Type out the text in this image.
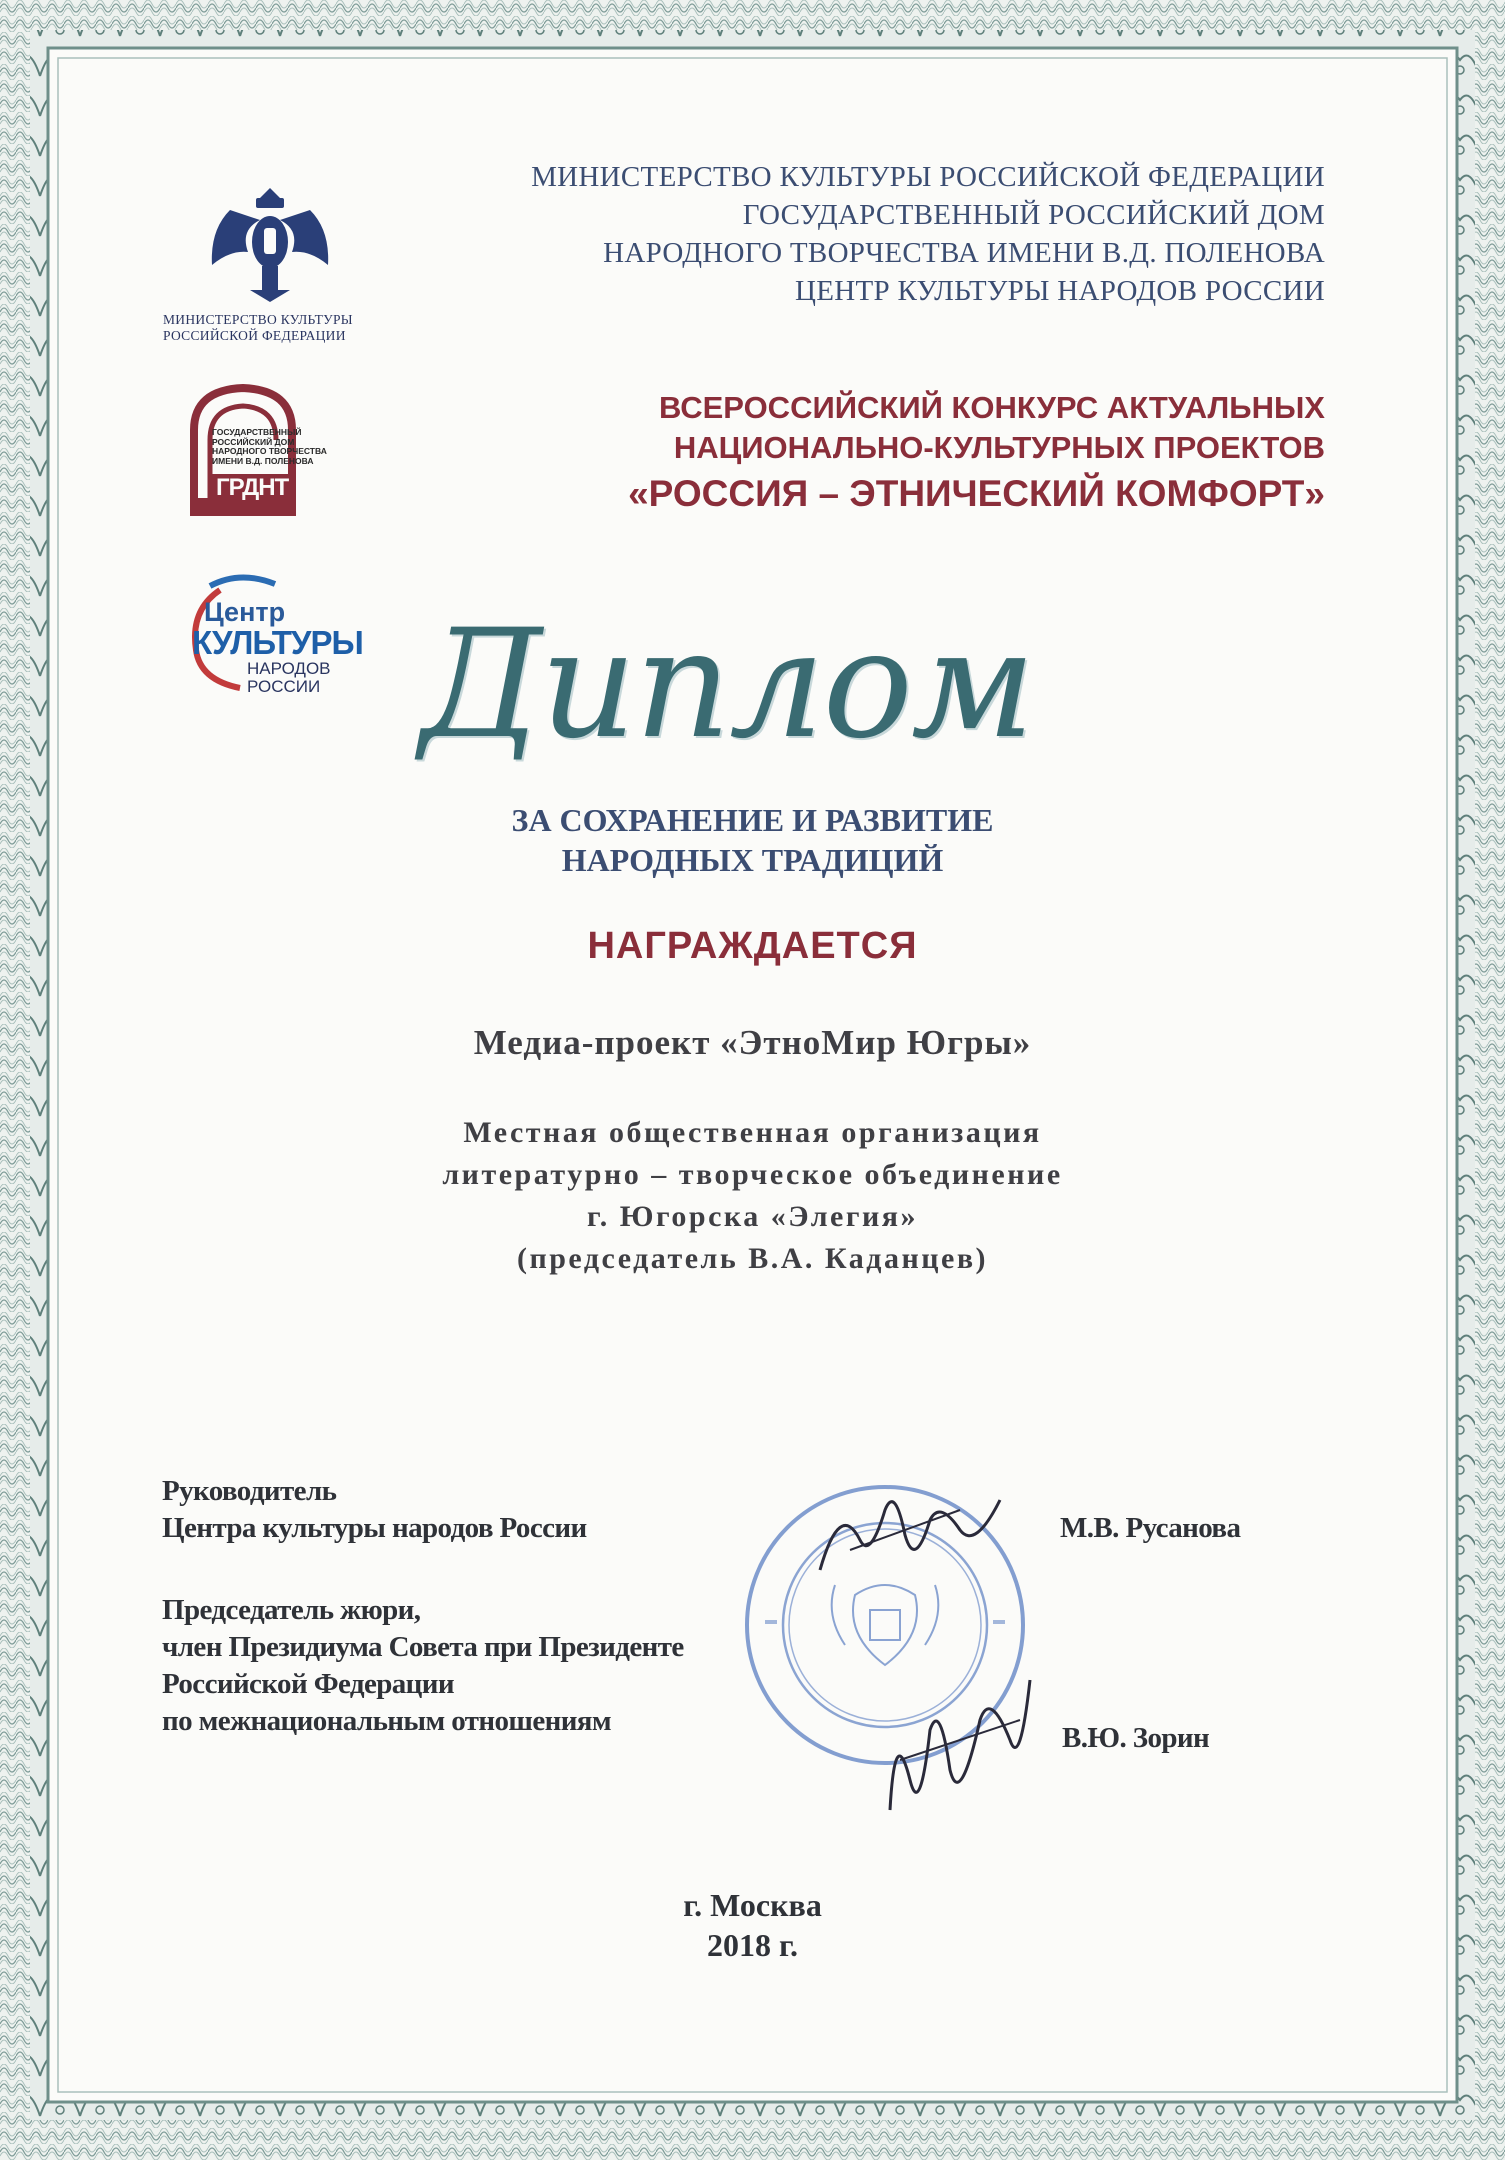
МИНИСТЕРСТВО КУЛЬТУРЫ
РОССИЙСКОЙ ФЕДЕРАЦИИ
ГОСУДАРСТВЕННЫЙ
РОССИЙСКИЙ ДОМ
НАРОДНОГО ТВОРЧЕСТВА
ИМЕНИ В.Д. ПОЛЕНОВА
ГРДНТ
Центр
КУЛЬТУРЫ
НАРОДОВ
РОССИИ
МИНИСТЕРСТВО КУЛЬТУРЫ РОССИЙСКОЙ ФЕДЕРАЦИИ
ГОСУДАРСТВЕННЫЙ РОССИЙСКИЙ ДОМ
НАРОДНОГО ТВОРЧЕСТВА ИМЕНИ В.Д. ПОЛЕНОВА
ЦЕНТР КУЛЬТУРЫ НАРОДОВ РОССИИ
ВСЕРОССИЙСКИЙ КОНКУРС АКТУАЛЬНЫХ
НАЦИОНАЛЬНО-КУЛЬТУРНЫХ ПРОЕКТОВ
«РОССИЯ – ЭТНИЧЕСКИЙ КОМФОРТ»
Диплом
ЗА СОХРАНЕНИЕ И РАЗВИТИЕ
НАРОДНЫХ ТРАДИЦИЙ
НАГРАЖДАЕТСЯ
Медиа-проект «ЭтноМир Югры»
Местная общественная организация
литературно – творческое объединение
г. Югорска «Элегия»
(председатель В.А. Каданцев)
Руководитель
Центра культуры народов России	М.В. Русанова
Председатель жюри,
член Президиума Совета при Президенте
Российской Федерации
по межнациональным отношениям
В.Ю. Зорин
г. Москва
2018 г.
